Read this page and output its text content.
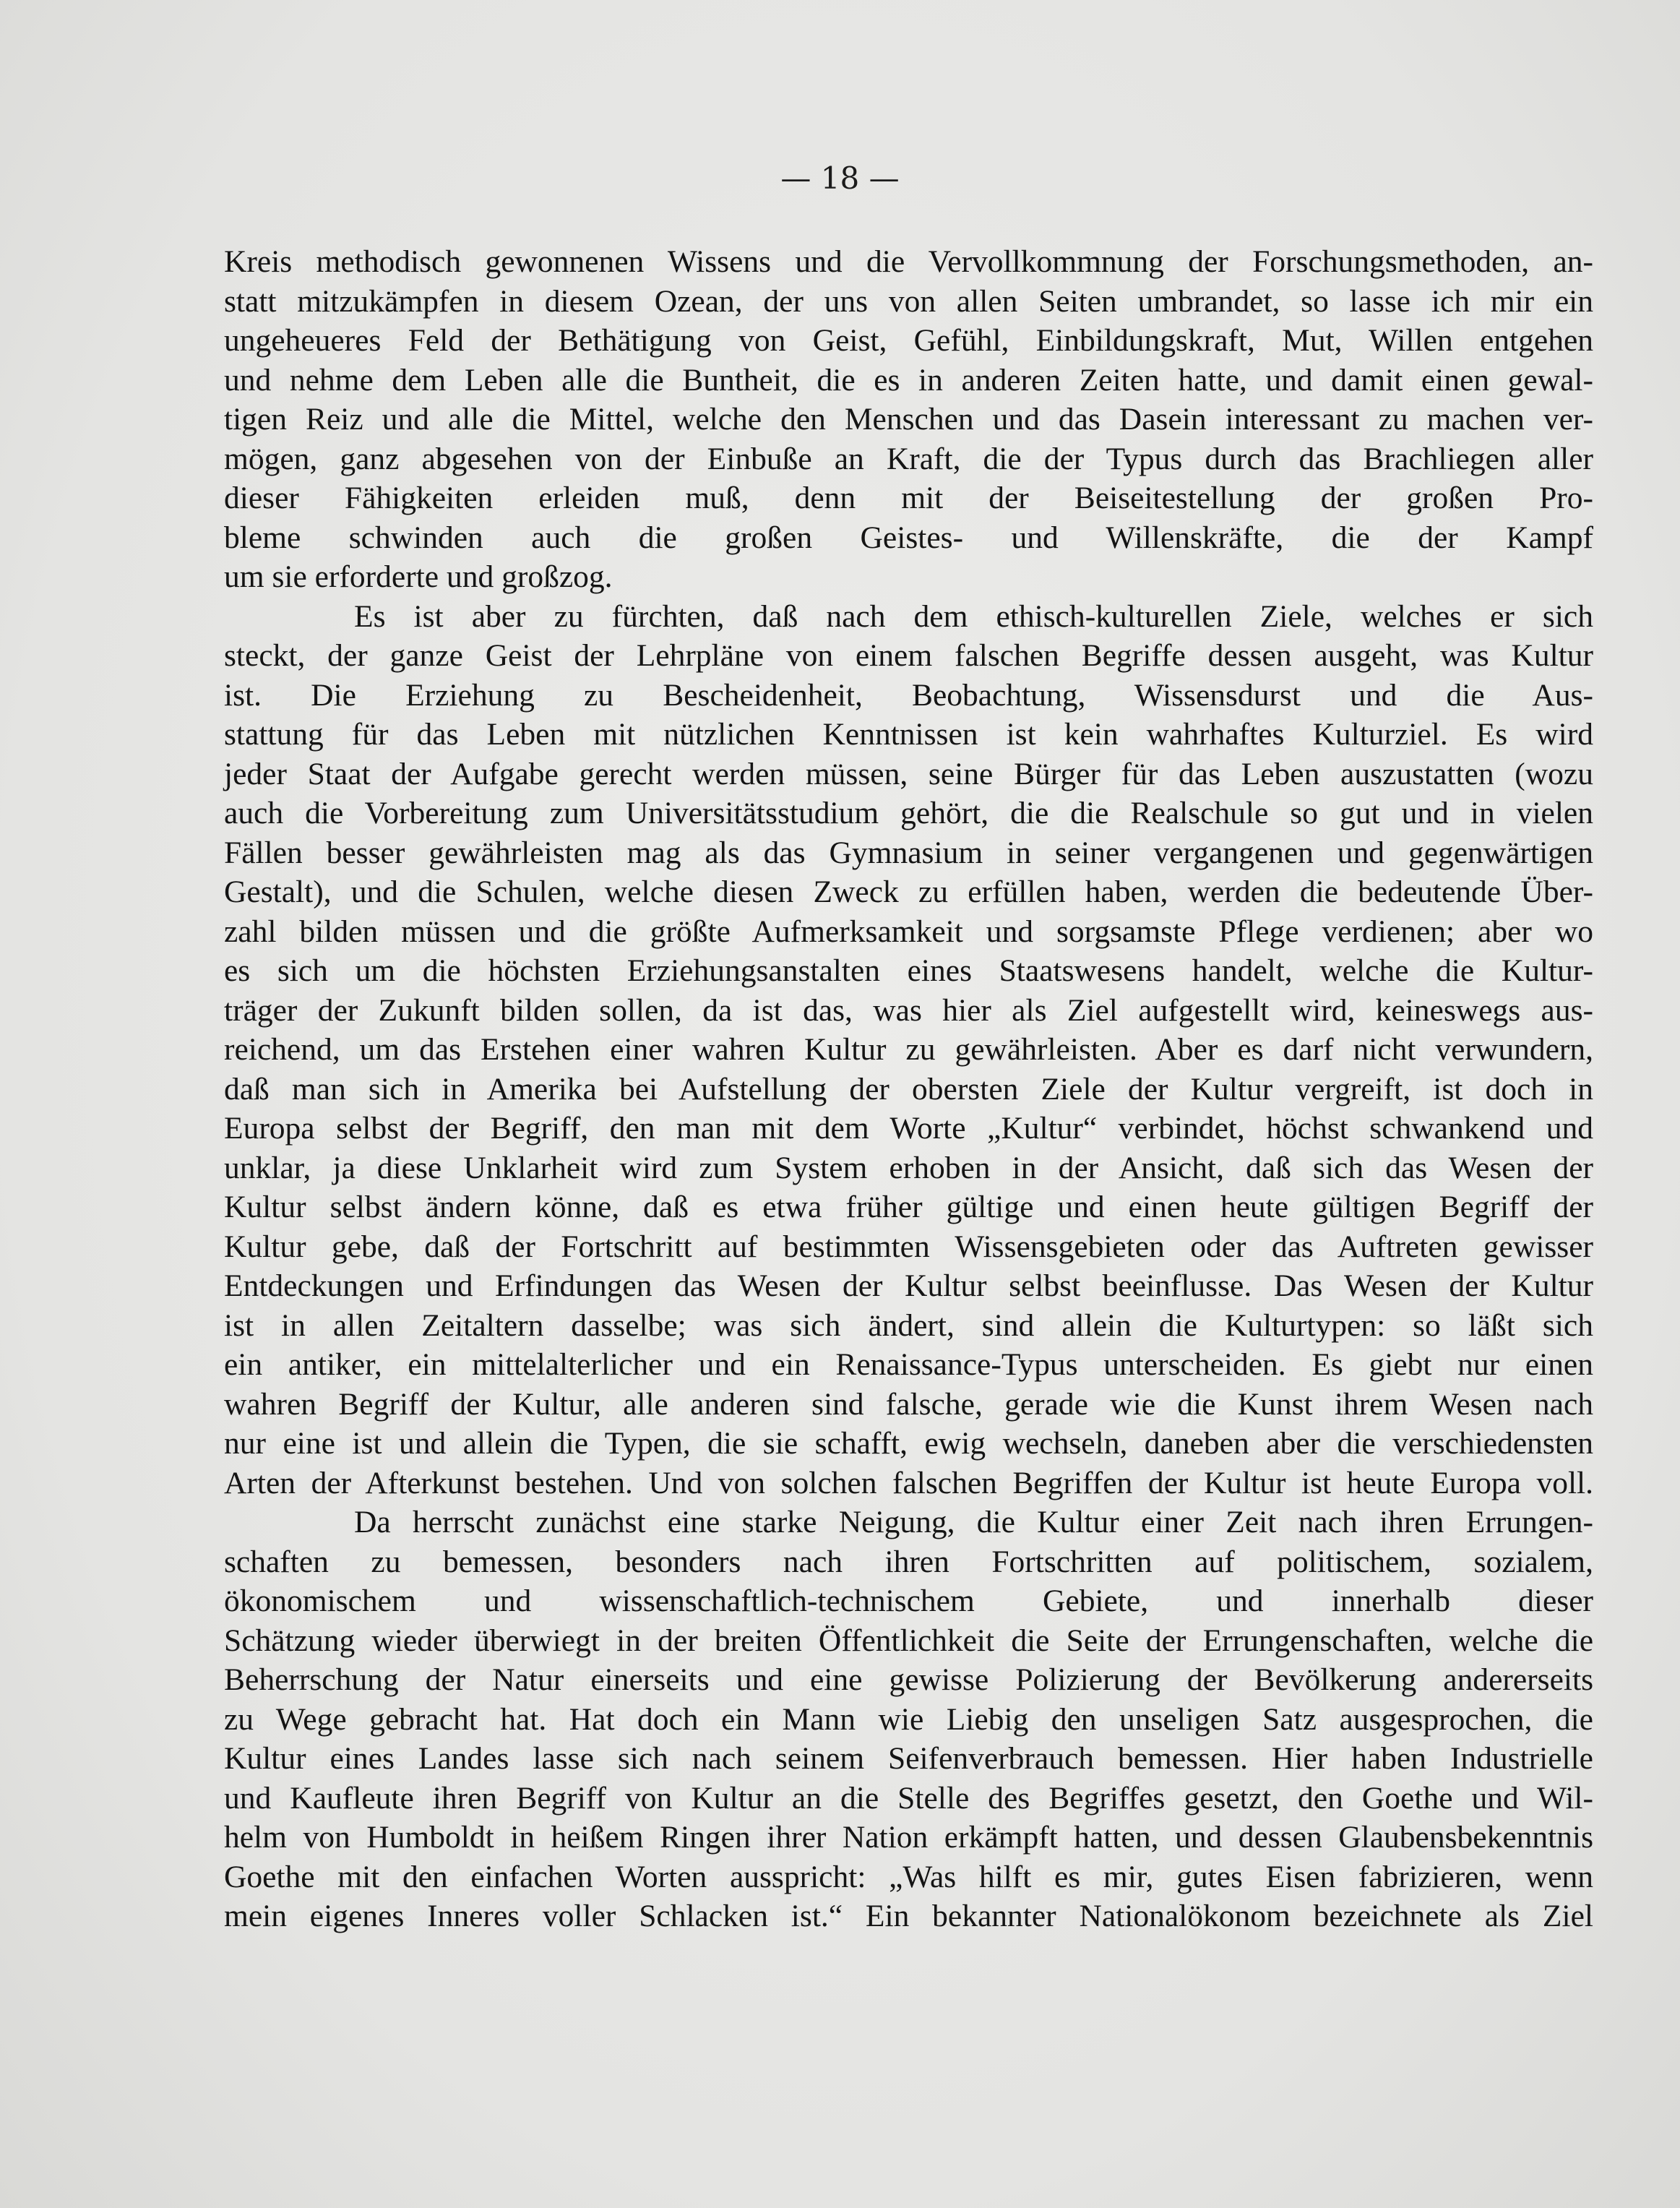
— 18 —
Kreis methodisch gewonnenen Wissens und die Vervollkommnung der Forschungsmethoden, an-
statt mitzukämpfen in diesem Ozean, der uns von allen Seiten umbrandet, so lasse ich mir ein
ungeheueres Feld der Bethätigung von Geist, Gefühl, Einbildungskraft, Mut, Willen entgehen
und nehme dem Leben alle die Buntheit, die es in anderen Zeiten hatte, und damit einen gewal-
tigen Reiz und alle die Mittel, welche den Menschen und das Dasein interessant zu machen ver-
mögen, ganz abgesehen von der Einbuße an Kraft, die der Typus durch das Brachliegen aller
dieser Fähigkeiten erleiden muß, denn mit der Beiseitestellung der großen Pro-
bleme schwinden auch die großen Geistes- und Willenskräfte, die der Kampf
um sie erforderte und großzog.
Es ist aber zu fürchten, daß nach dem ethisch-kulturellen Ziele, welches er sich
steckt, der ganze Geist der Lehrpläne von einem falschen Begriffe dessen ausgeht, was Kultur
ist. Die Erziehung zu Bescheidenheit, Beobachtung, Wissensdurst und die Aus-
stattung für das Leben mit nützlichen Kenntnissen ist kein wahrhaftes Kulturziel. Es wird
jeder Staat der Aufgabe gerecht werden müssen, seine Bürger für das Leben auszustatten (wozu
auch die Vorbereitung zum Universitätsstudium gehört, die die Realschule so gut und in vielen
Fällen besser gewährleisten mag als das Gymnasium in seiner vergangenen und gegenwärtigen
Gestalt), und die Schulen, welche diesen Zweck zu erfüllen haben, werden die bedeutende Über-
zahl bilden müssen und die größte Aufmerksamkeit und sorgsamste Pflege verdienen; aber wo
es sich um die höchsten Erziehungsanstalten eines Staatswesens handelt, welche die Kultur-
träger der Zukunft bilden sollen, da ist das, was hier als Ziel aufgestellt wird, keineswegs aus-
reichend, um das Erstehen einer wahren Kultur zu gewährleisten. Aber es darf nicht verwundern,
daß man sich in Amerika bei Aufstellung der obersten Ziele der Kultur vergreift, ist doch in
Europa selbst der Begriff, den man mit dem Worte „Kultur“ verbindet, höchst schwankend und
unklar, ja diese Unklarheit wird zum System erhoben in der Ansicht, daß sich das Wesen der
Kultur selbst ändern könne, daß es etwa früher gültige und einen heute gültigen Begriff der
Kultur gebe, daß der Fortschritt auf bestimmten Wissensgebieten oder das Auftreten gewisser
Entdeckungen und Erfindungen das Wesen der Kultur selbst beeinflusse. Das Wesen der Kultur
ist in allen Zeitaltern dasselbe; was sich ändert, sind allein die Kulturtypen: so läßt sich
ein antiker, ein mittelalterlicher und ein Renaissance-Typus unterscheiden. Es giebt nur einen
wahren Begriff der Kultur, alle anderen sind falsche, gerade wie die Kunst ihrem Wesen nach
nur eine ist und allein die Typen, die sie schafft, ewig wechseln, daneben aber die verschiedensten
Arten der Afterkunst bestehen. Und von solchen falschen Begriffen der Kultur ist heute Europa voll.
Da herrscht zunächst eine starke Neigung, die Kultur einer Zeit nach ihren Errungen-
schaften zu bemessen, besonders nach ihren Fortschritten auf politischem, sozialem,
ökonomischem und wissenschaftlich-technischem Gebiete, und innerhalb dieser
Schätzung wieder überwiegt in der breiten Öffentlichkeit die Seite der Errungenschaften, welche die
Beherrschung der Natur einerseits und eine gewisse Polizierung der Bevölkerung andererseits
zu Wege gebracht hat. Hat doch ein Mann wie Liebig den unseligen Satz ausgesprochen, die
Kultur eines Landes lasse sich nach seinem Seifenverbrauch bemessen. Hier haben Industrielle
und Kaufleute ihren Begriff von Kultur an die Stelle des Begriffes gesetzt, den Goethe und Wil-
helm von Humboldt in heißem Ringen ihrer Nation erkämpft hatten, und dessen Glaubensbekenntnis
Goethe mit den einfachen Worten ausspricht: „Was hilft es mir, gutes Eisen fabrizieren, wenn
mein eigenes Inneres voller Schlacken ist.“ Ein bekannter Nationalökonom bezeichnete als Ziel
